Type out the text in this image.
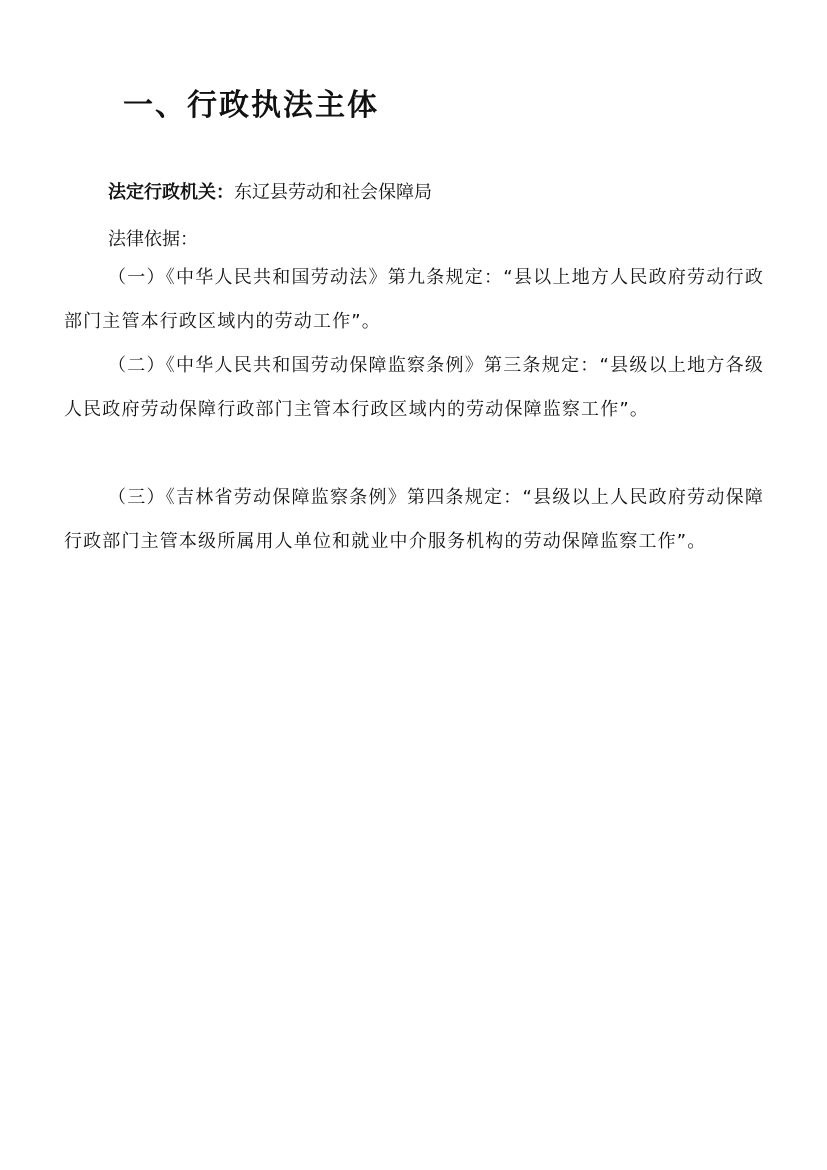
一、行政执法主体
法定行政机关：东辽县劳动和社会保障局
法律依据：

（一）《中华人民共和国劳动法》第九条规定：“县以上地方人民政府劳动行政部门主管本行政区域内的劳动工作”。

（二）《中华人民共和国劳动保障监察条例》第三条规定：“县级以上地方各级人民政府劳动保障行政部门主管本行政区域内的劳动保障监察工作”。

（三）《吉林省劳动保障监察条例》第四条规定：“县级以上人民政府劳动保障行政部门主管本级所属用人单位和就业中介服务机构的劳动保障监察工作”。
